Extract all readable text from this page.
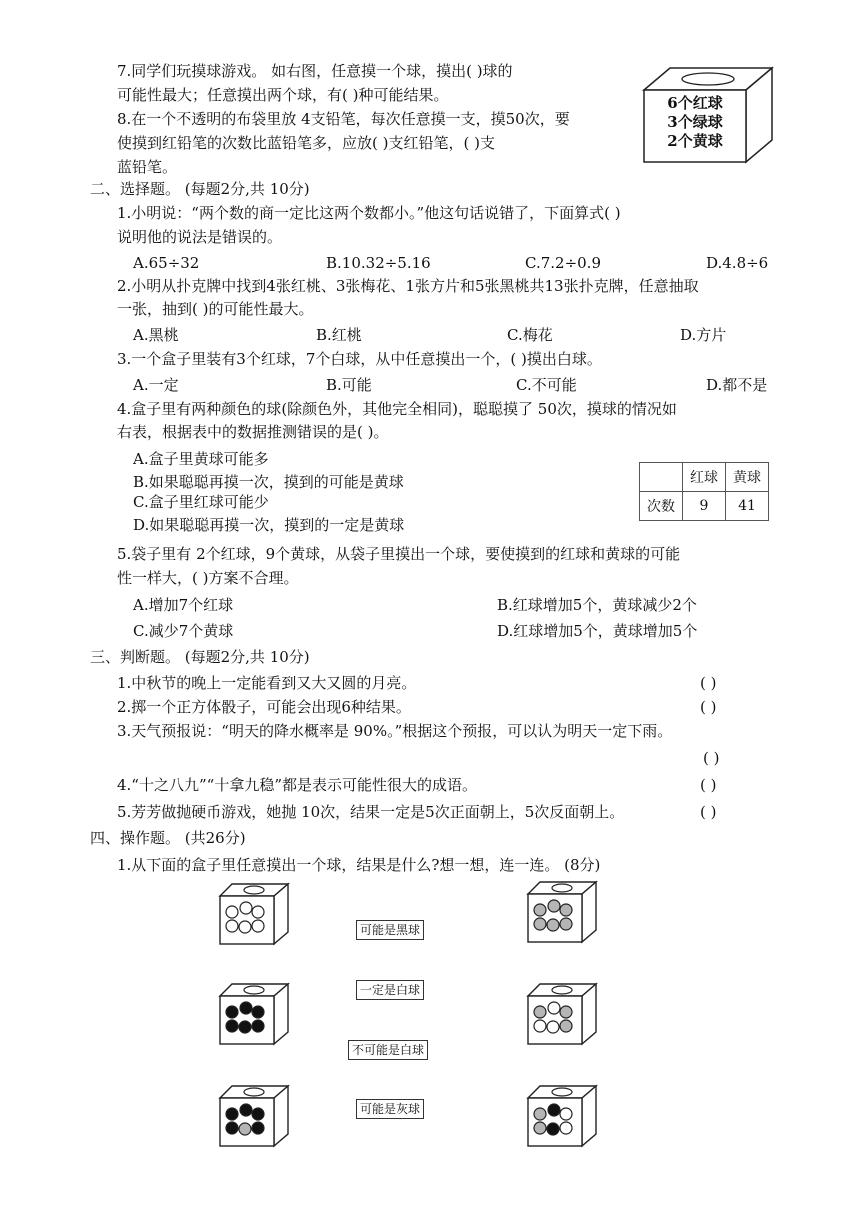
7.同学们玩摸球游戏。 如右图，任意摸一个球，摸出( )球的
可能性最大；任意摸出两个球，有( )种可能结果。
8.在一个不透明的布袋里放 4支铅笔，每次任意摸一支，摸50次，要
使摸到红铅笔的次数比蓝铅笔多，应放( )支红铅笔，( )支
蓝铅笔。
6个红球
3个绿球
2个黄球
二、选择题。 (每题2分,共 10分)
1.小明说：“两个数的商一定比这两个数都小。”他这句话说错了，下面算式( )
说明他的说法是错误的。
A.65÷32	B.10.32÷5.16	C.7.2÷0.9	D.4.8÷6
2.小明从扑克牌中找到4张红桃、3张梅花、1张方片和5张黑桃共13张扑克牌，任意抽取
一张，抽到( )的可能性最大。
A.黑桃	B.红桃	C.梅花	D.方片
3.一个盒子里装有3个红球，7个白球，从中任意摸出一个，( )摸出白球。
A.一定	B.可能	C.不可能	D.都不是
4.盒子里有两种颜色的球(除颜色外，其他完全相同)，聪聪摸了 50次，摸球的情况如
右表，根据表中的数据推测错误的是( )。
A.盒子里黄球可能多
B.如果聪聪再摸一次，摸到的可能是黄球
C.盒子里红球可能少
D.如果聪聪再摸一次，摸到的一定是黄球
	红球	黄球
次数	9	41
5.袋子里有 2个红球，9个黄球，从袋子里摸出一个球，要使摸到的红球和黄球的可能
性一样大，( )方案不合理。
A.增加7个红球	B.红球增加5个，黄球减少2个
C.减少7个黄球	D.红球增加5个，黄球增加5个
三、判断题。 (每题2分,共 10分)
1.中秋节的晚上一定能看到又大又圆的月亮。	( )
2.掷一个正方体骰子，可能会出现6种结果。	( )
3.天气预报说：“明天的降水概率是 90%。”根据这个预报，可以认为明天一定下雨。
( )
4.“十之八九”“十拿九稳”都是表示可能性很大的成语。	( )
5.芳芳做抛硬币游戏，她抛 10次，结果一定是5次正面朝上，5次反面朝上。	( )
四、操作题。 (共26分)
1.从下面的盒子里任意摸出一个球，结果是什么?想一想，连一连。 (8分)
可能是黑球
一定是白球
不可能是白球
可能是灰球
